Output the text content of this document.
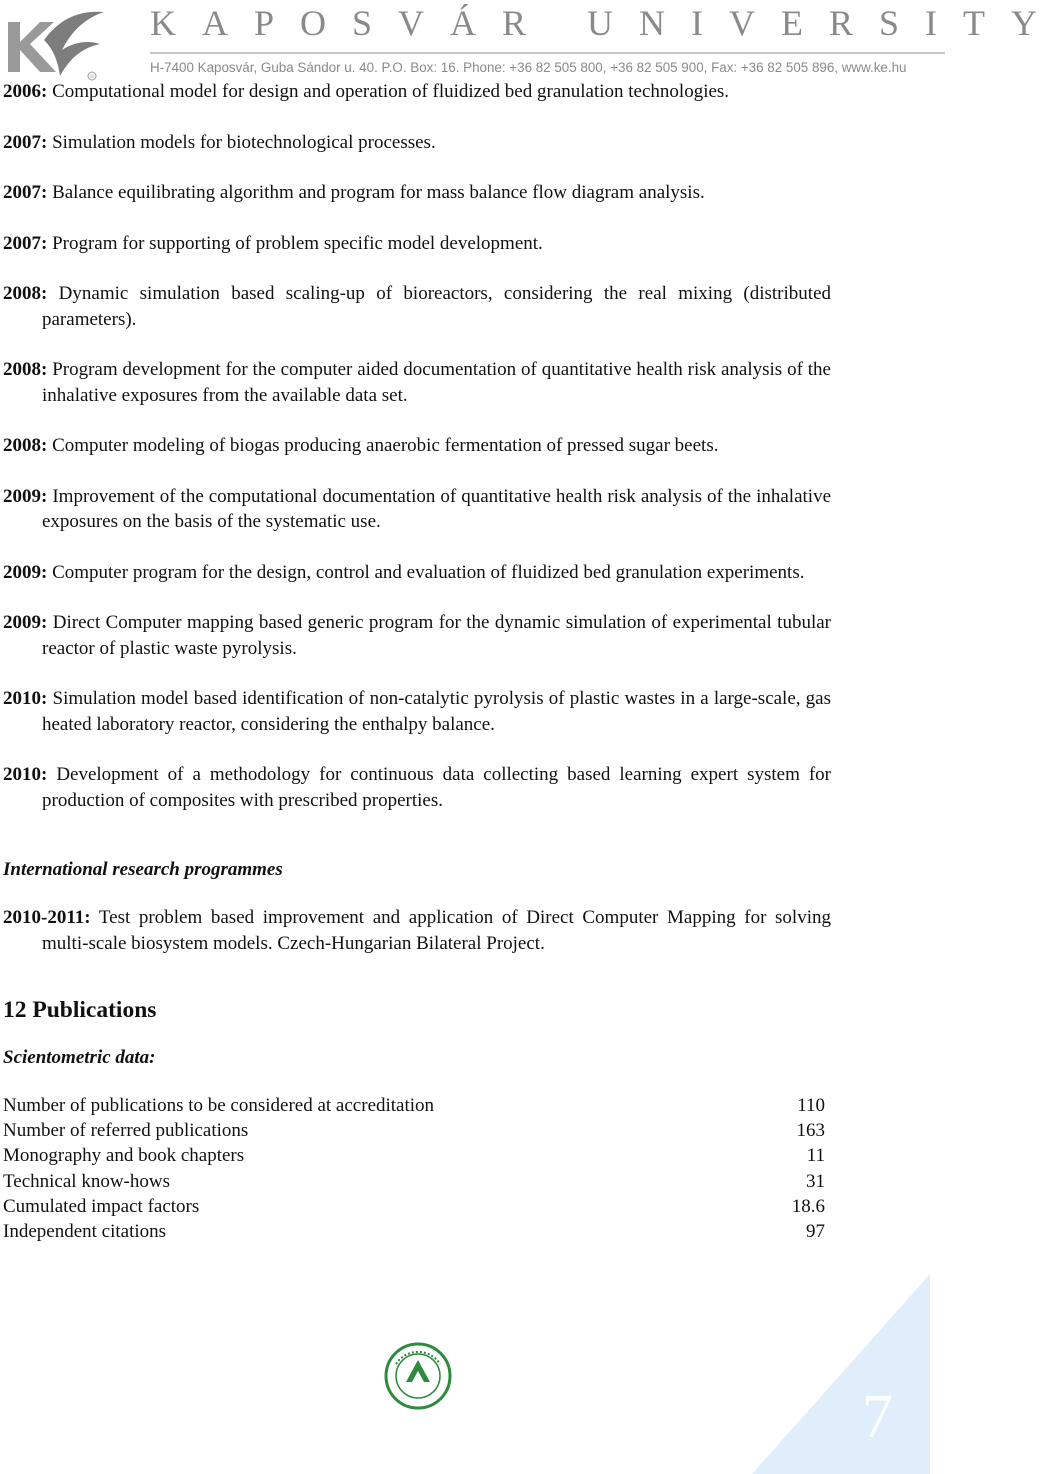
R
KAPOSVÁR UNIVERSITY
H-7400 Kaposvár, Guba Sándor u. 40. P.O. Box: 16. Phone: +36 82 505 800, +36 82 505 900, Fax: +36 82 505 896, www.ke.hu

2006: Computational model for design and operation of fluidized bed granulation technologies.

2007: Simulation models for biotechnological processes.

2007: Balance equilibrating algorithm and program for mass balance flow diagram analysis.

2007: Program for supporting of problem specific model development.

2008: Dynamic simulation based scaling-up of bioreactors, considering the real mixing (distributed parameters).

2008: Program development for the computer aided documentation of quantitative health risk analysis of the inhalative exposures from the available data set.

2008: Computer modeling of biogas producing anaerobic fermentation of pressed sugar beets.

2009: Improvement of the computational documentation of quantitative health risk analysis of the inhalative exposures on the basis of the systematic use.

2009: Computer program for the design, control and evaluation of fluidized bed granulation experiments.

2009: Direct Computer mapping based generic program for the dynamic simulation of experimental tubular reactor of plastic waste pyrolysis.

2010: Simulation model based identification of non-catalytic pyrolysis of plastic wastes in a large-scale, gas heated laboratory reactor, considering the enthalpy balance.

2010: Development of a methodology for continuous data collecting based learning expert system for production of composites with prescribed properties.

International research programmes

2010-2011: Test problem based improvement and application of Direct Computer Mapping for solving multi-scale biosystem models. Czech-Hungarian Bilateral Project.

12 Publications
Scientometric data:
Number of publications to be considered at accreditation	110
Number of referred publications	163
Monography and book chapters	11
Technical know-hows	31
Cumulated impact factors	18.6
Independent citations	97
7
